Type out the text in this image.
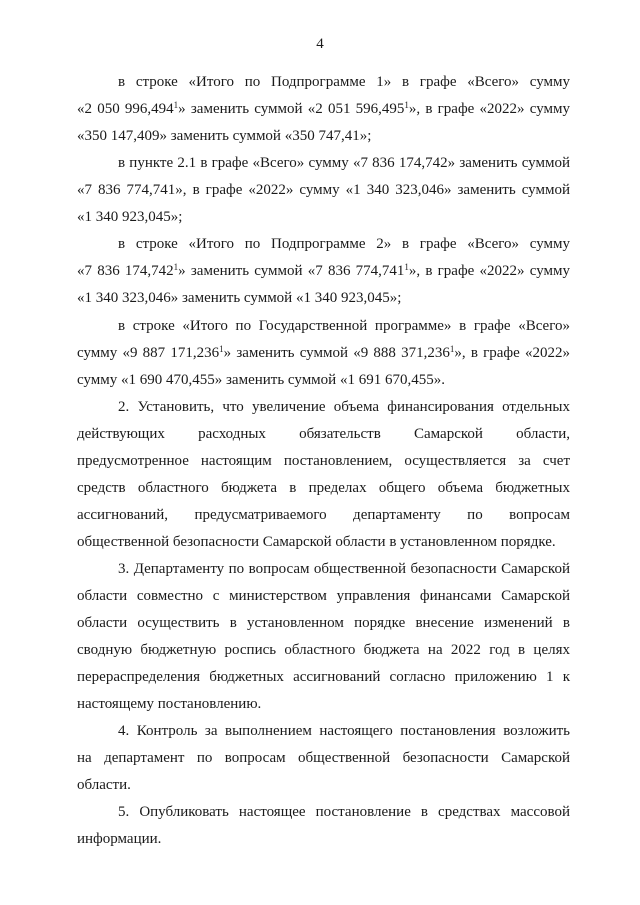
4
в строке «Итого по Подпрограмме 1» в графе «Всего» сумму
«2 050 996,494$^1$» заменить суммой «2 051 596,495$^1$», в графе «2022» сумму
«350 147,409» заменить суммой «350 747,41»;
в пункте 2.1 в графе «Всего» сумму «7 836 174,742» заменить суммой
«7 836 774,741», в графе «2022» сумму «1 340 323,046» заменить суммой
«1 340 923,045»;
в строке «Итого по Подпрограмме 2» в графе «Всего» сумму
«7 836 174,742$^1$» заменить суммой «7 836 774,741$^1$», в графе «2022» сумму
«1 340 323,046» заменить суммой «1 340 923,045»;
в строке «Итого по Государственной программе» в графе «Всего»
сумму «9 887 171,236$^1$» заменить суммой «9 888 371,236$^1$», в графе «2022»
сумму «1 690 470,455» заменить суммой «1 691 670,455».
2. Установить, что увеличение объема финансирования отдельных
действующих расходных обязательств Самарской области,
предусмотренное настоящим постановлением, осуществляется за счет
средств областного бюджета в пределах общего объема бюджетных
ассигнований, предусматриваемого департаменту по вопросам
общественной безопасности Самарской области в установленном порядке.
3. Департаменту по вопросам общественной безопасности Самарской
области совместно с министерством управления финансами Самарской
области осуществить в установленном порядке внесение изменений в
сводную бюджетную роспись областного бюджета на 2022 год в целях
перераспределения бюджетных ассигнований согласно приложению 1 к
настоящему постановлению.
4. Контроль за выполнением настоящего постановления возложить
на департамент по вопросам общественной безопасности Самарской
области.
5. Опубликовать настоящее постановление в средствах массовой
информации.
